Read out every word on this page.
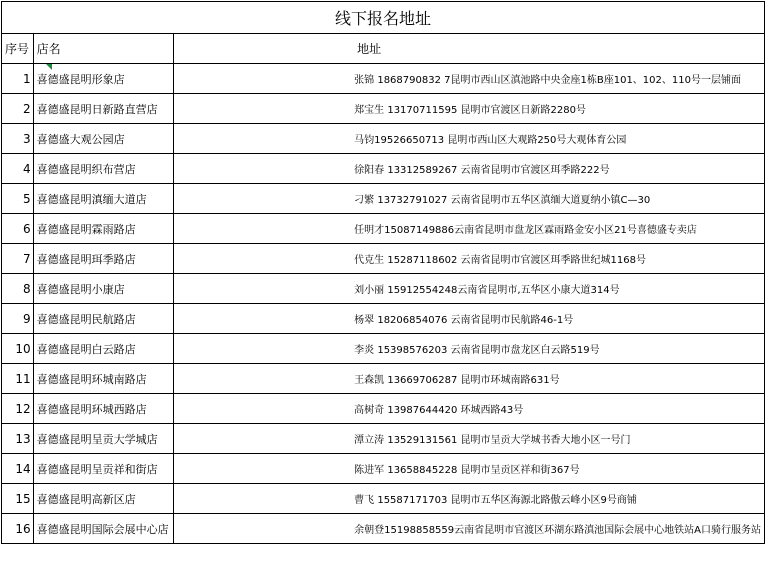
线下报名地址		
序号	店名	地址
1	喜德盛昆明形象店	张锦 1868790832 7昆明市西山区滇池路中央金座1栋B座101、102、110号一层铺面
2	喜德盛昆明日新路直营店	郑宝生 13170711595 昆明市官渡区日新路2280号
3	喜德盛大观公园店	马钧19526650713 昆明市西山区大观路250号大观体育公园
4	喜德盛昆明织布营店	徐阳春 13312589267 云南省昆明市官渡区珥季路222号
5	喜德盛昆明滇缅大道店	刁繁 13732791027 云南省昆明市五华区滇缅大道夏纳小镇C—30
6	喜德盛昆明霖雨路店	任明才15087149886云南省昆明市盘龙区霖雨路金安小区21号喜德盛专卖店
7	喜德盛昆明珥季路店	代克生 15287118602 云南省昆明市官渡区珥季路世纪城1168号
8	喜德盛昆明小康店	刘小丽 15912554248云南省昆明市,五华区小康大道314号
9	喜德盛昆明民航路店	杨翠 18206854076 云南省昆明市民航路46-1号
10	喜德盛昆明白云路店	李炎 15398576203 云南省昆明市盘龙区白云路519号
11	喜德盛昆明环城南路店	王森凯 13669706287 昆明市环城南路631号
12	喜德盛昆明环城西路店	高树奇 13987644420 环城西路43号
13	喜德盛昆明呈贡大学城店	潭立涛 13529131561 昆明市呈贡大学城书香大地小区一号门
14	喜德盛昆明呈贡祥和街店	陈进军 13658845228 昆明市呈贡区祥和街367号
15	喜德盛昆明高新区店	曹飞 15587171703 昆明市五华区海源北路傲云峰小区9号商铺
16	喜德盛昆明国际会展中心店	余朝登15198858559云南省昆明市官渡区环湖东路滇池国际会展中心地铁站A口骑行服务站
